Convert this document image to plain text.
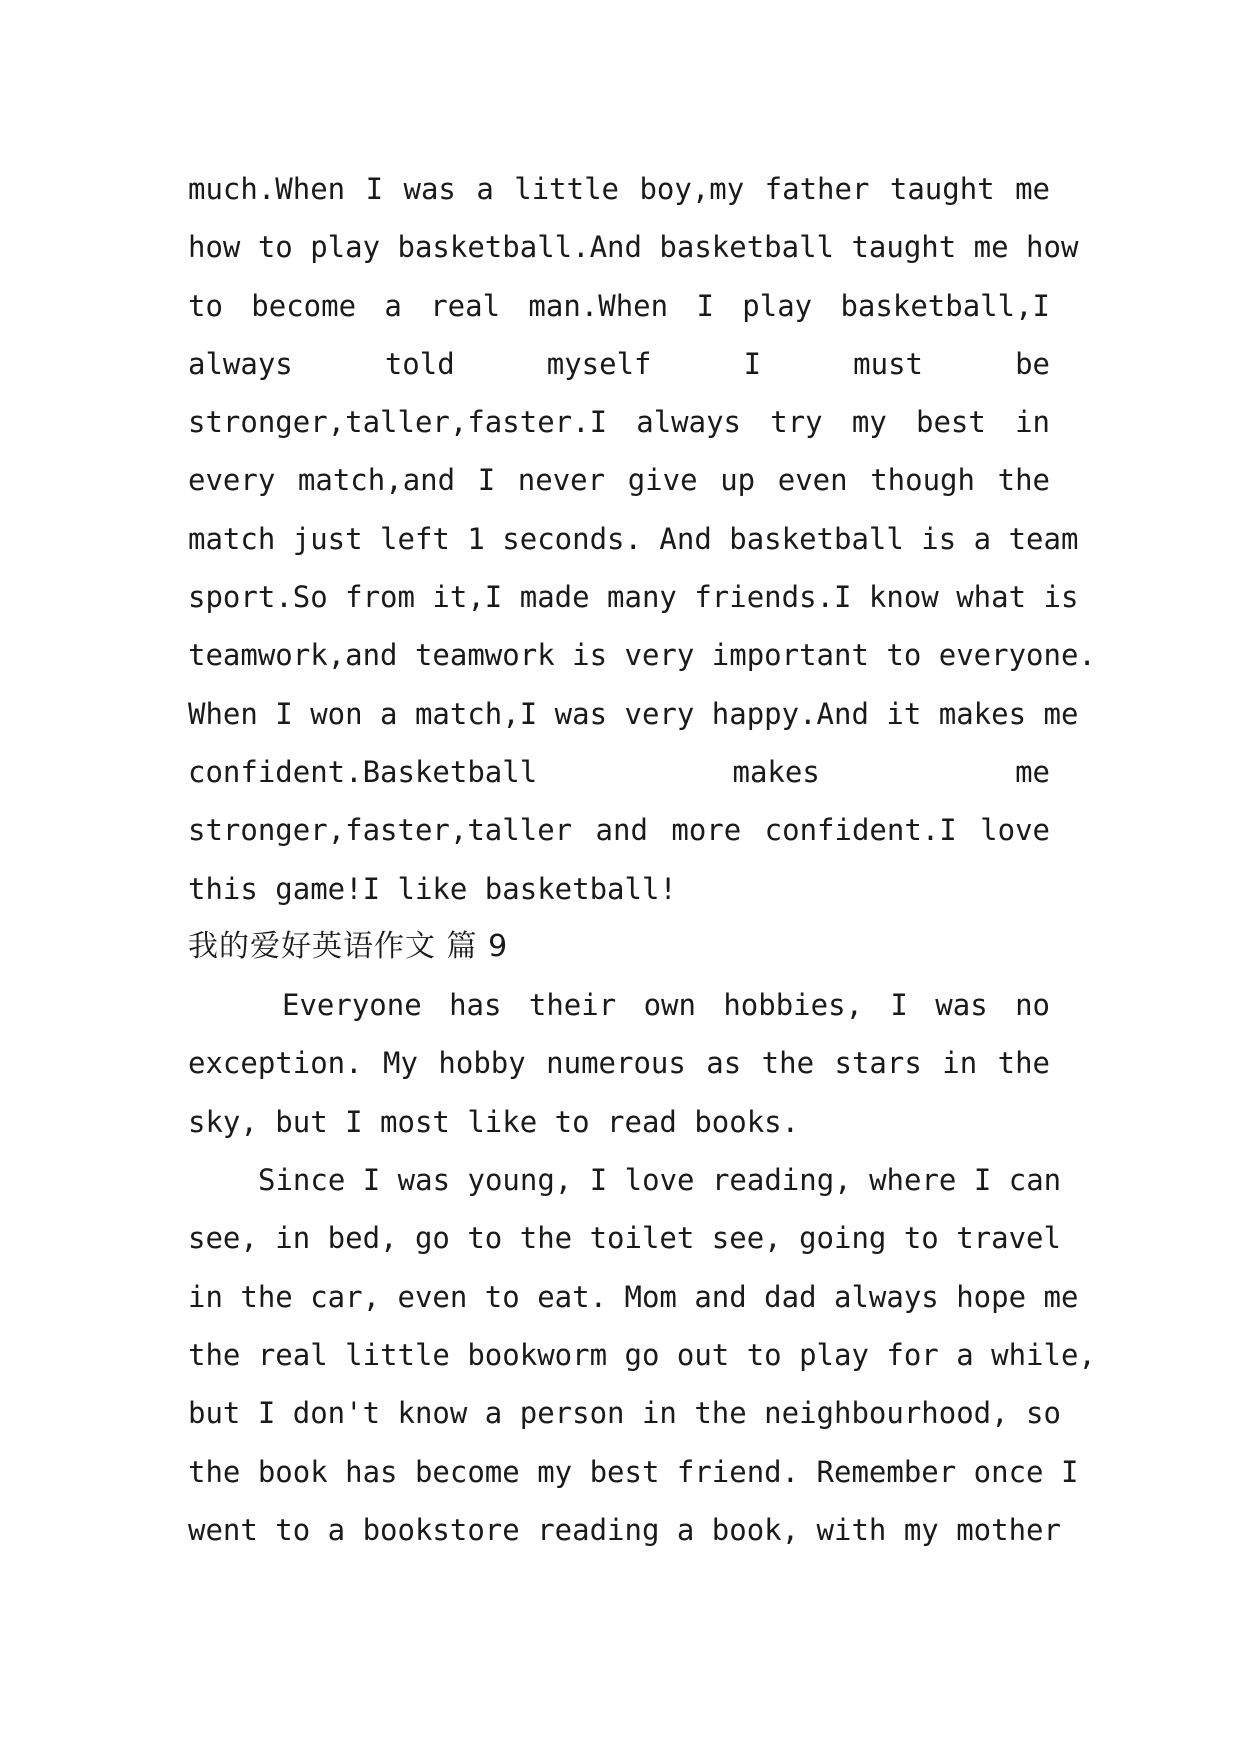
much.When I was a little boy,my father taught me
how to play basketball.And basketball taught me how
to become a real man.When I play basketball,I
always told myself I must be
stronger,taller,faster.I always try my best in
every match,and I never give up even though the
match just left 1 seconds. And basketball is a team
sport.So from it,I made many friends.I know what is
teamwork,and teamwork is very important to everyone.
When I won a match,I was very happy.And it makes me
confident.Basketball makes me
stronger,faster,taller and more confident.I love
this game!I like basketball!
我的爱好英语作文 篇 9
Everyone has their own hobbies, I was no
exception. My hobby numerous as the stars in the
sky, but I most like to read books.
Since I was young, I love reading, where I can
see, in bed, go to the toilet see, going to travel
in the car, even to eat. Mom and dad always hope me
the real little bookworm go out to play for a while,
but I don't know a person in the neighbourhood, so
the book has become my best friend. Remember once I
went to a bookstore reading a book, with my mother
